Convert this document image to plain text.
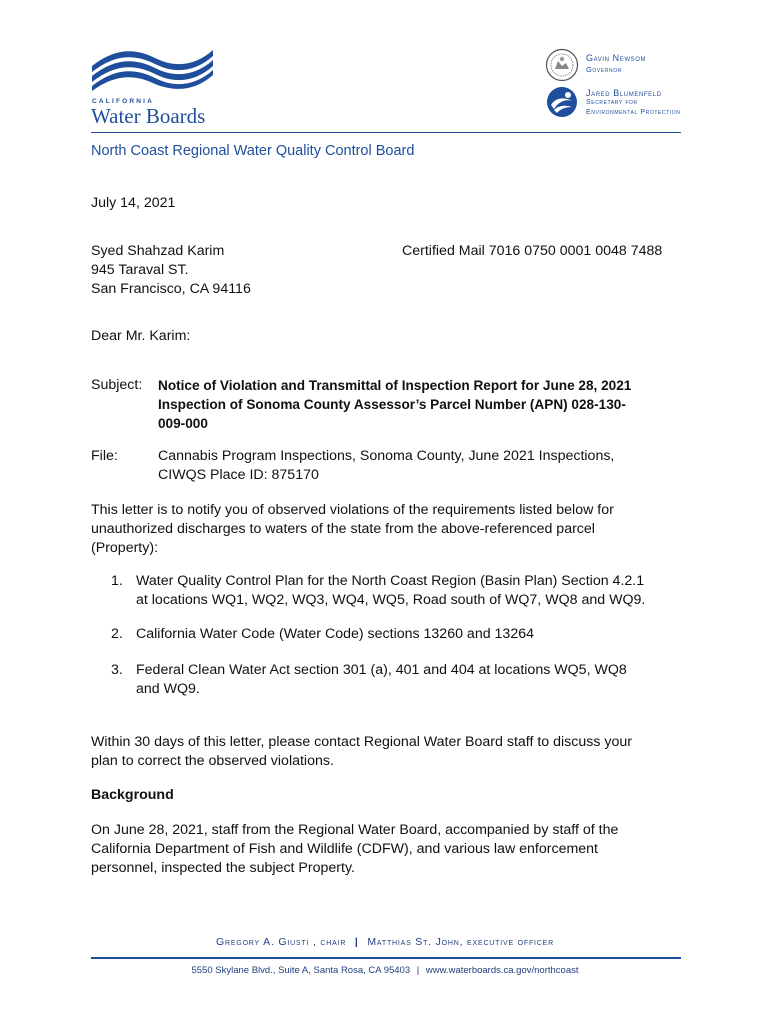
CALIFORNIA
Water Boards
Gavin Newsom
Governor
Jared Blumenfeld
Secretary for
Environmental Protection
North Coast Regional Water Quality Control Board
July 14, 2021
Syed Shahzad Karim
945 Taraval ST.
San Francisco, CA 94116
Certified Mail 7016 0750 0001 0048 7488
Dear Mr. Karim:
Subject: Notice of Violation and Transmittal of Inspection Report for June 28, 2021
Inspection of Sonoma County Assessor’s Parcel Number (APN) 028-130-
009-000
File:	Cannabis Program Inspections, Sonoma County, June 2021 Inspections,
CIWQS Place ID: 875170
This letter is to notify you of observed violations of the requirements listed below for
unauthorized discharges to waters of the state from the above-referenced parcel
(Property):
1. Water Quality Control Plan for the North Coast Region (Basin Plan) Section 4.2.1
at locations WQ1, WQ2, WQ3, WQ4, WQ5, Road south of WQ7, WQ8 and WQ9.
2. California Water Code (Water Code) sections 13260 and 13264
3. Federal Clean Water Act section 301 (a), 401 and 404 at locations WQ5, WQ8
and WQ9.
Within 30 days of this letter, please contact Regional Water Board staff to discuss your
plan to correct the observed violations.
Background
On June 28, 2021, staff from the Regional Water Board, accompanied by staff of the
California Department of Fish and Wildlife (CDFW), and various law enforcement
personnel, inspected the subject Property.
Gregory A. Giusti , chair | Matthias St. John, executive officer
5550 Skylane Blvd., Suite A, Santa Rosa, CA 95403 | www.waterboards.ca.gov/northcoast
